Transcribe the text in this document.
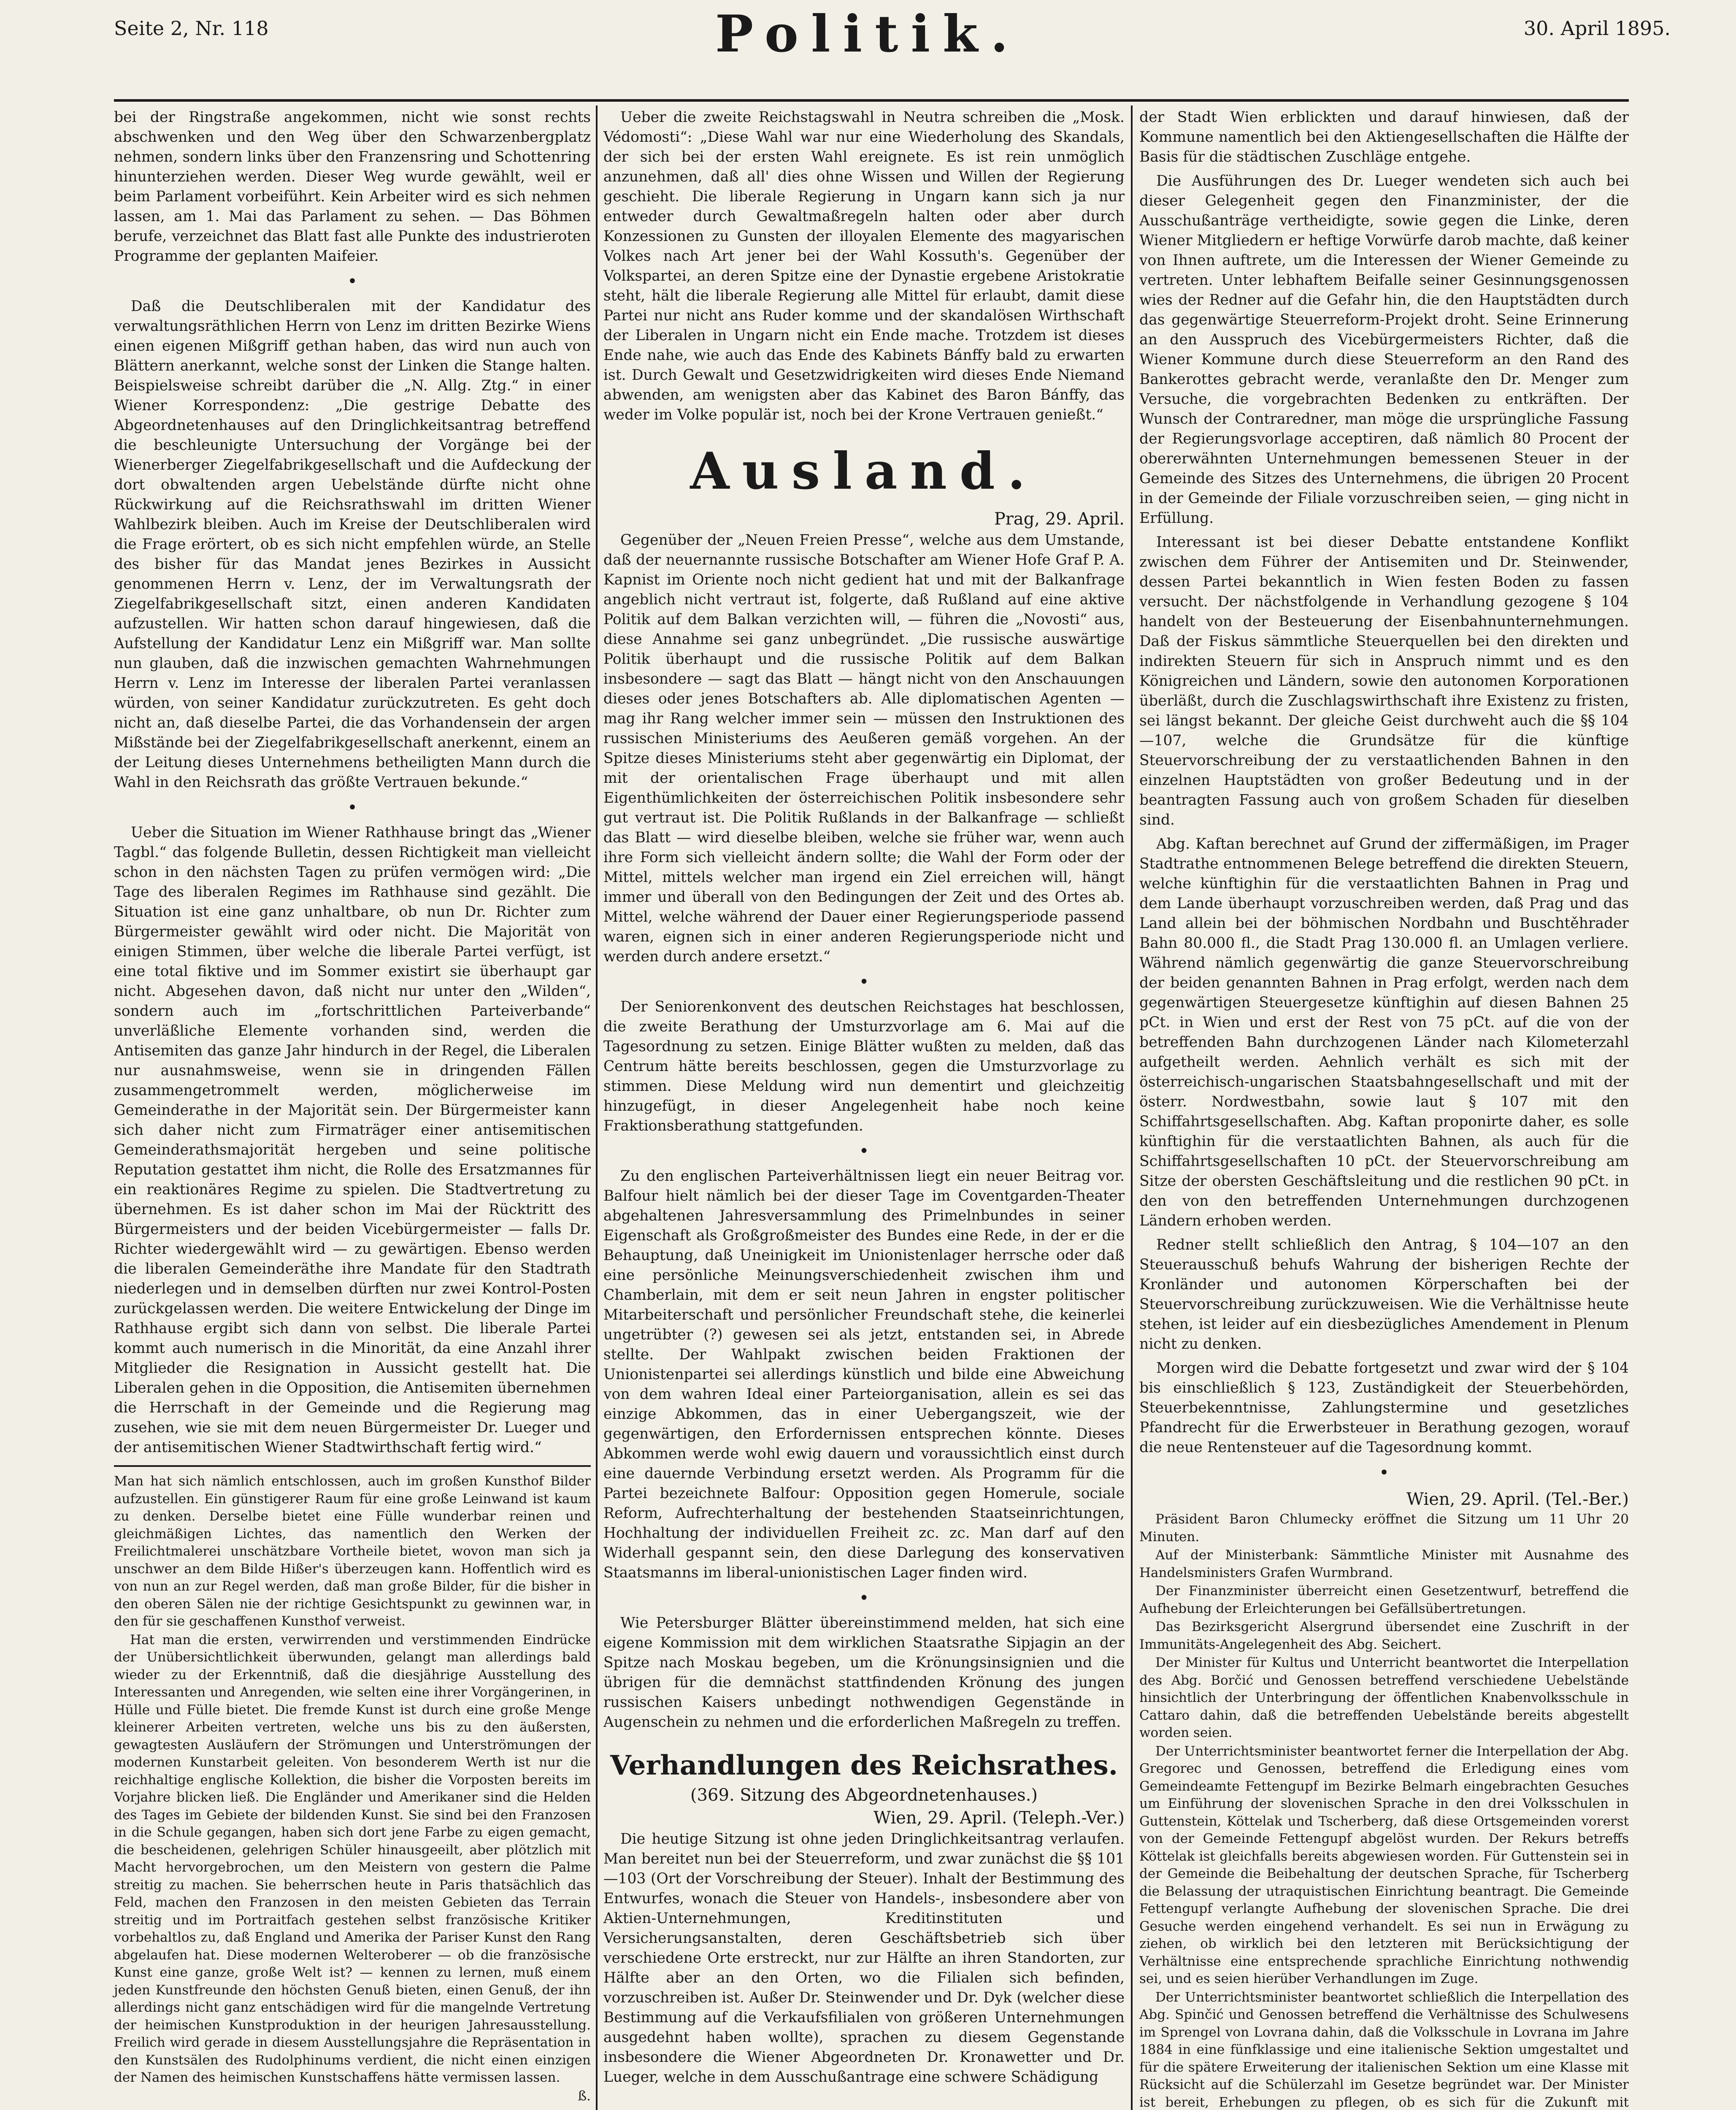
Seite 2, Nr. 118	Politik.	30. April 1895.

bei der Ringstraße angekommen, nicht wie sonst rechts abschwenken und den Weg über den Schwarzenbergplatz nehmen, sondern links über den Franzensring und Schottenring hinunterziehen werden. Dieser Weg wurde gewählt, weil er beim Parlament vorbeiführt. Kein Arbeiter wird es sich nehmen lassen, am 1. Mai das Parlament zu sehen. — Das Böhmen berufe, verzeichnet das Blatt fast alle Punkte des industrieroten Programme der geplanten Maifeier.

•

Daß die Deutschliberalen mit der Kandidatur des verwaltungsräthlichen Herrn von Lenz im dritten Bezirke Wiens einen eigenen Mißgriff gethan haben, das wird nun auch von Blättern anerkannt, welche sonst der Linken die Stange halten. Beispielsweise schreibt darüber die „N. Allg. Ztg.“ in einer Wiener Korrespondenz: „Die gestrige Debatte des Abgeordnetenhauses auf den Dringlichkeitsantrag betreffend die beschleunigte Untersuchung der Vorgänge bei der Wienerberger Ziegelfabrikgesellschaft und die Aufdeckung der dort obwaltenden argen Uebelstände dürfte nicht ohne Rückwirkung auf die Reichsrathswahl im dritten Wiener Wahlbezirk bleiben. Auch im Kreise der Deutschliberalen wird die Frage erörtert, ob es sich nicht empfehlen würde, an Stelle des bisher für das Mandat jenes Bezirkes in Aussicht genommenen Herrn v. Lenz, der im Verwaltungsrath der Ziegelfabrikgesellschaft sitzt, einen anderen Kandidaten aufzustellen. Wir hatten schon darauf hingewiesen, daß die Aufstellung der Kandidatur Lenz ein Mißgriff war. Man sollte nun glauben, daß die inzwischen gemachten Wahrnehmungen Herrn v. Lenz im Interesse der liberalen Partei veranlassen würden, von seiner Kandidatur zurückzutreten. Es geht doch nicht an, daß dieselbe Partei, die das Vorhandensein der argen Mißstände bei der Ziegelfabrikgesellschaft anerkennt, einem an der Leitung dieses Unternehmens betheiligten Mann durch die Wahl in den Reichsrath das größte Vertrauen bekunde.“

•

Ueber die Situation im Wiener Rathhause bringt das „Wiener Tagbl.“ das folgende Bulletin, dessen Richtigkeit man vielleicht schon in den nächsten Tagen zu prüfen vermögen wird: „Die Tage des liberalen Regimes im Rathhause sind gezählt. Die Situation ist eine ganz unhaltbare, ob nun Dr. Richter zum Bürgermeister gewählt wird oder nicht. Die Majorität von einigen Stimmen, über welche die liberale Partei verfügt, ist eine total fiktive und im Sommer existirt sie überhaupt gar nicht. Abgesehen davon, daß nicht nur unter den „Wilden“, sondern auch im „fortschrittlichen Parteiverbande“ unverläßliche Elemente vorhanden sind, werden die Antisemiten das ganze Jahr hindurch in der Regel, die Liberalen nur ausnahmsweise, wenn sie in dringenden Fällen zusammengetrommelt werden, möglicherweise im Gemeinderathe in der Majorität sein. Der Bürgermeister kann sich daher nicht zum Firmaträger einer antisemitischen Gemeinderathsmajorität hergeben und seine politische Reputation gestattet ihm nicht, die Rolle des Ersatzmannes für ein reaktionäres Regime zu spielen. Die Stadtvertretung zu übernehmen. Es ist daher schon im Mai der Rücktritt des Bürgermeisters und der beiden Vicebürgermeister — falls Dr. Richter wiedergewählt wird — zu gewärtigen. Ebenso werden die liberalen Gemeinderäthe ihre Mandate für den Stadtrath niederlegen und in demselben dürften nur zwei Kontrol-Posten zurückgelassen werden. Die weitere Entwickelung der Dinge im Rathhause ergibt sich dann von selbst. Die liberale Partei kommt auch numerisch in die Minorität, da eine Anzahl ihrer Mitglieder die Resignation in Aussicht gestellt hat. Die Liberalen gehen in die Opposition, die Antisemiten übernehmen die Herrschaft in der Gemeinde und die Regierung mag zusehen, wie sie mit dem neuen Bürgermeister Dr. Lueger und der antisemitischen Wiener Stadtwirthschaft fertig wird.“

Man hat sich nämlich entschlossen, auch im großen Kunsthof Bilder aufzustellen. Ein günstigerer Raum für eine große Leinwand ist kaum zu denken. Derselbe bietet eine Fülle wunderbar reinen und gleichmäßigen Lichtes, das namentlich den Werken der Freilichtmalerei unschätzbare Vortheile bietet, wovon man sich ja unschwer an dem Bilde Hißer's überzeugen kann. Hoffentlich wird es von nun an zur Regel werden, daß man große Bilder, für die bisher in den oberen Sälen nie der richtige Gesichtspunkt zu gewinnen war, in den für sie geschaffenen Kunsthof verweist.

Hat man die ersten, verwirrenden und verstimmenden Eindrücke der Unübersichtlichkeit überwunden, gelangt man allerdings bald wieder zu der Erkenntniß, daß die diesjährige Ausstellung des Interessanten und Anregenden, wie selten eine ihrer Vorgängerinen, in Hülle und Fülle bietet. Die fremde Kunst ist durch eine große Menge kleinerer Arbeiten vertreten, welche uns bis zu den äußersten, gewagtesten Ausläufern der Strömungen und Unterströmungen der modernen Kunstarbeit geleiten. Von besonderem Werth ist nur die reichhaltige englische Kollektion, die bisher die Vorposten bereits im Vorjahre blicken ließ. Die Engländer und Amerikaner sind die Helden des Tages im Gebiete der bildenden Kunst. Sie sind bei den Franzosen in die Schule gegangen, haben sich dort jene Farbe zu eigen gemacht, die bescheidenen, gelehrigen Schüler hinausgeeilt, aber plötzlich mit Macht hervorgebrochen, um den Meistern von gestern die Palme streitig zu machen. Sie beherrschen heute in Paris thatsächlich das Feld, machen den Franzosen in den meisten Gebieten das Terrain streitig und im Portraitfach gestehen selbst französische Kritiker vorbehaltlos zu, daß England und Amerika der Pariser Kunst den Rang abgelaufen hat. Diese modernen Welteroberer — ob die französische Kunst eine ganze, große Welt ist? — kennen zu lernen, muß einem jeden Kunstfreunde den höchsten Genuß bieten, einen Genuß, der ihn allerdings nicht ganz entschädigen wird für die mangelnde Vertretung der heimischen Kunstproduktion in der heurigen Jahresausstellung. Freilich wird gerade in diesem Ausstellungsjahre die Repräsentation in den Kunstsälen des Rudolphinums verdient, die nicht einen einzigen der Namen des heimischen Kunstschaffens hätte vermissen lassen.

ß.

Ueber die zweite Reichstagswahl in Neutra schreiben die „Mosk. Védomosti“: „Diese Wahl war nur eine Wiederholung des Skandals, der sich bei der ersten Wahl ereignete. Es ist rein unmöglich anzunehmen, daß all' dies ohne Wissen und Willen der Regierung geschieht. Die liberale Regierung in Ungarn kann sich ja nur entweder durch Gewaltmaßregeln halten oder aber durch Konzessionen zu Gunsten der illoyalen Elemente des magyarischen Volkes nach Art jener bei der Wahl Kossuth's. Gegenüber der Volkspartei, an deren Spitze eine der Dynastie ergebene Aristokratie steht, hält die liberale Regierung alle Mittel für erlaubt, damit diese Partei nur nicht ans Ruder komme und der skandalösen Wirthschaft der Liberalen in Ungarn nicht ein Ende mache. Trotzdem ist dieses Ende nahe, wie auch das Ende des Kabinets Bánffy bald zu erwarten ist. Durch Gewalt und Gesetzwidrigkeiten wird dieses Ende Niemand abwenden, am wenigsten aber das Kabinet des Baron Bánffy, das weder im Volke populär ist, noch bei der Krone Vertrauen genießt.“

Ausland.
Prag, 29. April.

Gegenüber der „Neuen Freien Presse“, welche aus dem Umstande, daß der neuernannte russische Botschafter am Wiener Hofe Graf P. A. Kapnist im Oriente noch nicht gedient hat und mit der Balkanfrage angeblich nicht vertraut ist, folgerte, daß Rußland auf eine aktive Politik auf dem Balkan verzichten will, — führen die „Novosti“ aus, diese Annahme sei ganz unbegründet. „Die russische auswärtige Politik überhaupt und die russische Politik auf dem Balkan insbesondere — sagt das Blatt — hängt nicht von den Anschauungen dieses oder jenes Botschafters ab. Alle diplomatischen Agenten — mag ihr Rang welcher immer sein — müssen den Instruktionen des russischen Ministeriums des Aeußeren gemäß vorgehen. An der Spitze dieses Ministeriums steht aber gegenwärtig ein Diplomat, der mit der orientalischen Frage überhaupt und mit allen Eigenthümlichkeiten der österreichischen Politik insbesondere sehr gut vertraut ist. Die Politik Rußlands in der Balkanfrage — schließt das Blatt — wird dieselbe bleiben, welche sie früher war, wenn auch ihre Form sich vielleicht ändern sollte; die Wahl der Form oder der Mittel, mittels welcher man irgend ein Ziel erreichen will, hängt immer und überall von den Bedingungen der Zeit und des Ortes ab. Mittel, welche während der Dauer einer Regierungsperiode passend waren, eignen sich in einer anderen Regierungsperiode nicht und werden durch andere ersetzt.“

•

Der Seniorenkonvent des deutschen Reichstages hat beschlossen, die zweite Berathung der Umsturzvorlage am 6. Mai auf die Tagesordnung zu setzen. Einige Blätter wußten zu melden, daß das Centrum hätte bereits beschlossen, gegen die Umsturzvorlage zu stimmen. Diese Meldung wird nun dementirt und gleichzeitig hinzugefügt, in dieser Angelegenheit habe noch keine Fraktionsberathung stattgefunden.

•

Zu den englischen Parteiverhältnissen liegt ein neuer Beitrag vor. Balfour hielt nämlich bei der dieser Tage im Coventgarden-Theater abgehaltenen Jahresversammlung des Primelnbundes in seiner Eigenschaft als Großgroßmeister des Bundes eine Rede, in der er die Behauptung, daß Uneinigkeit im Unionistenlager herrsche oder daß eine persönliche Meinungsverschiedenheit zwischen ihm und Chamberlain, mit dem er seit neun Jahren in engster politischer Mitarbeiterschaft und persönlicher Freundschaft stehe, die keinerlei ungetrübter (?) gewesen sei als jetzt, entstanden sei, in Abrede stellte. Der Wahlpakt zwischen beiden Fraktionen der Unionistenpartei sei allerdings künstlich und bilde eine Abweichung von dem wahren Ideal einer Parteiorganisation, allein es sei das einzige Abkommen, das in einer Uebergangszeit, wie der gegenwärtigen, den Erfordernissen entsprechen könnte. Dieses Abkommen werde wohl ewig dauern und voraussichtlich einst durch eine dauernde Verbindung ersetzt werden. Als Programm für die Partei bezeichnete Balfour: Opposition gegen Homerule, sociale Reform, Aufrechterhaltung der bestehenden Staatseinrichtungen, Hochhaltung der individuellen Freiheit zc. zc. Man darf auf den Widerhall gespannt sein, den diese Darlegung des konservativen Staatsmanns im liberal-unionistischen Lager finden wird.

•

Wie Petersburger Blätter übereinstimmend melden, hat sich eine eigene Kommission mit dem wirklichen Staatsrathe Sipjagin an der Spitze nach Moskau begeben, um die Krönungsinsignien und die übrigen für die demnächst stattfindenden Krönung des jungen russischen Kaisers unbedingt nothwendigen Gegenstände in Augenschein zu nehmen und die erforderlichen Maßregeln zu treffen.

Verhandlungen des Reichsrathes.
(369. Sitzung des Abgeordnetenhauses.)
Wien, 29. April. (Teleph.-Ver.)

Die heutige Sitzung ist ohne jeden Dringlichkeitsantrag verlaufen. Man bereitet nun bei der Steuerreform, und zwar zunächst die §§ 101—103 (Ort der Vorschreibung der Steuer). Inhalt der Bestimmung des Entwurfes, wonach die Steuer von Handels-, insbesondere aber von Aktien-Unternehmungen, Kreditinstituten und Versicherungsanstalten, deren Geschäftsbetrieb sich über verschiedene Orte erstreckt, nur zur Hälfte an ihren Standorten, zur Hälfte aber an den Orten, wo die Filialen sich befinden, vorzuschreiben ist. Außer Dr. Steinwender und Dr. Dyk (welcher diese Bestimmung auf die Verkaufsfilialen von größeren Unternehmungen ausgedehnt haben wollte), sprachen zu diesem Gegenstande insbesondere die Wiener Abgeordneten Dr. Kronawetter und Dr. Lueger, welche in dem Ausschußantrage eine schwere Schädigung

der Stadt Wien erblickten und darauf hinwiesen, daß der Kommune namentlich bei den Aktiengesellschaften die Hälfte der Basis für die städtischen Zuschläge entgehe.

Die Ausführungen des Dr. Lueger wendeten sich auch bei dieser Gelegenheit gegen den Finanzminister, der die Ausschußanträge vertheidigte, sowie gegen die Linke, deren Wiener Mitgliedern er heftige Vorwürfe darob machte, daß keiner von Ihnen auftrete, um die Interessen der Wiener Gemeinde zu vertreten. Unter lebhaftem Beifalle seiner Gesinnungsgenossen wies der Redner auf die Gefahr hin, die den Hauptstädten durch das gegenwärtige Steuerreform-Projekt droht. Seine Erinnerung an den Ausspruch des Vicebürgermeisters Richter, daß die Wiener Kommune durch diese Steuerreform an den Rand des Bankerottes gebracht werde, veranlaßte den Dr. Menger zum Versuche, die vorgebrachten Bedenken zu entkräften. Der Wunsch der Contraredner, man möge die ursprüngliche Fassung der Regierungsvorlage acceptiren, daß nämlich 80 Procent der obererwähnten Unternehmungen bemessenen Steuer in der Gemeinde des Sitzes des Unternehmens, die übrigen 20 Procent in der Gemeinde der Filiale vorzuschreiben seien, — ging nicht in Erfüllung.

Interessant ist bei dieser Debatte entstandene Konflikt zwischen dem Führer der Antisemiten und Dr. Steinwender, dessen Partei bekanntlich in Wien festen Boden zu fassen versucht. Der nächstfolgende in Verhandlung gezogene § 104 handelt von der Besteuerung der Eisenbahnunternehmungen. Daß der Fiskus sämmtliche Steuerquellen bei den direkten und indirekten Steuern für sich in Anspruch nimmt und es den Königreichen und Ländern, sowie den autonomen Korporationen überläßt, durch die Zuschlagswirthschaft ihre Existenz zu fristen, sei längst bekannt. Der gleiche Geist durchweht auch die §§ 104—107, welche die Grundsätze für die künftige Steuervorschreibung der zu verstaatlichenden Bahnen in den einzelnen Hauptstädten von großer Bedeutung und in der beantragten Fassung auch von großem Schaden für dieselben sind.

Abg. Kaftan berechnet auf Grund der ziffermäßigen, im Prager Stadtrathe entnommenen Belege betreffend die direkten Steuern, welche künftighin für die verstaatlichten Bahnen in Prag und dem Lande überhaupt vorzuschreiben werden, daß Prag und das Land allein bei der böhmischen Nordbahn und Buschtěhrader Bahn 80.000 fl., die Stadt Prag 130.000 fl. an Umlagen verliere. Während nämlich gegenwärtig die ganze Steuervorschreibung der beiden genannten Bahnen in Prag erfolgt, werden nach dem gegenwärtigen Steuergesetze künftighin auf diesen Bahnen 25 pCt. in Wien und erst der Rest von 75 pCt. auf die von der betreffenden Bahn durchzogenen Länder nach Kilometerzahl aufgetheilt werden. Aehnlich verhält es sich mit der österreichisch-ungarischen Staatsbahngesellschaft und mit der österr. Nordwestbahn, sowie laut § 107 mit den Schiffahrtsgesellschaften. Abg. Kaftan proponirte daher, es solle künftighin für die verstaatlichten Bahnen, als auch für die Schiffahrtsgesellschaften 10 pCt. der Steuervorschreibung am Sitze der obersten Geschäftsleitung und die restlichen 90 pCt. in den von den betreffenden Unternehmungen durchzogenen Ländern erhoben werden.

Redner stellt schließlich den Antrag, § 104—107 an den Steuerausschuß behufs Wahrung der bisherigen Rechte der Kronländer und autonomen Körperschaften bei der Steuervorschreibung zurückzuweisen. Wie die Verhältnisse heute stehen, ist leider auf ein diesbezügliches Amendement in Plenum nicht zu denken.

Morgen wird die Debatte fortgesetzt und zwar wird der § 104 bis einschließlich § 123, Zuständigkeit der Steuerbehörden, Steuerbekenntnisse, Zahlungstermine und gesetzliches Pfandrecht für die Erwerbsteuer in Berathung gezogen, worauf die neue Rentensteuer auf die Tagesordnung kommt.

•
Wien, 29. April. (Tel.-Ber.)

Präsident Baron Chlumecky eröffnet die Sitzung um 11 Uhr 20 Minuten.

Auf der Ministerbank: Sämmtliche Minister mit Ausnahme des Handelsministers Grafen Wurmbrand.

Der Finanzminister überreicht einen Gesetzentwurf, betreffend die Aufhebung der Erleichterungen bei Gefällsübertretungen.

Das Bezirksgericht Alsergrund übersendet eine Zuschrift in der Immunitäts-Angelegenheit des Abg. Seichert.

Der Minister für Kultus und Unterricht beantwortet die Interpellation des Abg. Borčić und Genossen betreffend verschiedene Uebelstände hinsichtlich der Unterbringung der öffentlichen Knabenvolksschule in Cattaro dahin, daß die betreffenden Uebelstände bereits abgestellt worden seien.

Der Unterrichtsminister beantwortet ferner die Interpellation der Abg. Gregorec und Genossen, betreffend die Erledigung eines vom Gemeindeamte Fettengupf im Bezirke Belmarh eingebrachten Gesuches um Einführung der slovenischen Sprache in den drei Volksschulen in Guttenstein, Köttelak und Tscherberg, daß diese Ortsgemeinden vorerst von der Gemeinde Fettengupf abgelöst wurden. Der Rekurs betreffs Köttelak ist gleichfalls bereits abgewiesen worden. Für Guttenstein sei in der Gemeinde die Beibehaltung der deutschen Sprache, für Tscherberg die Belassung der utraquistischen Einrichtung beantragt. Die Gemeinde Fettengupf verlangte Aufhebung der slovenischen Sprache. Die drei Gesuche werden eingehend verhandelt. Es sei nun in Erwägung zu ziehen, ob wirklich bei den letzteren mit Berücksichtigung der Verhältnisse eine entsprechende sprachliche Einrichtung nothwendig sei, und es seien hierüber Verhandlungen im Zuge.

Der Unterrichtsminister beantwortet schließlich die Interpellation des Abg. Spinčić und Genossen betreffend die Verhältnisse des Schulwesens im Sprengel von Lovrana dahin, daß die Volksschule in Lovrana im Jahre 1884 in eine fünfklassige und eine italienische Sektion umgestaltet und für die spätere Erweiterung der italienischen Sektion um eine Klasse mit Rücksicht auf die Schülerzahl im Gesetze begründet war. Der Minister ist bereit, Erhebungen zu pflegen, ob es sich für die Zukunft mit
